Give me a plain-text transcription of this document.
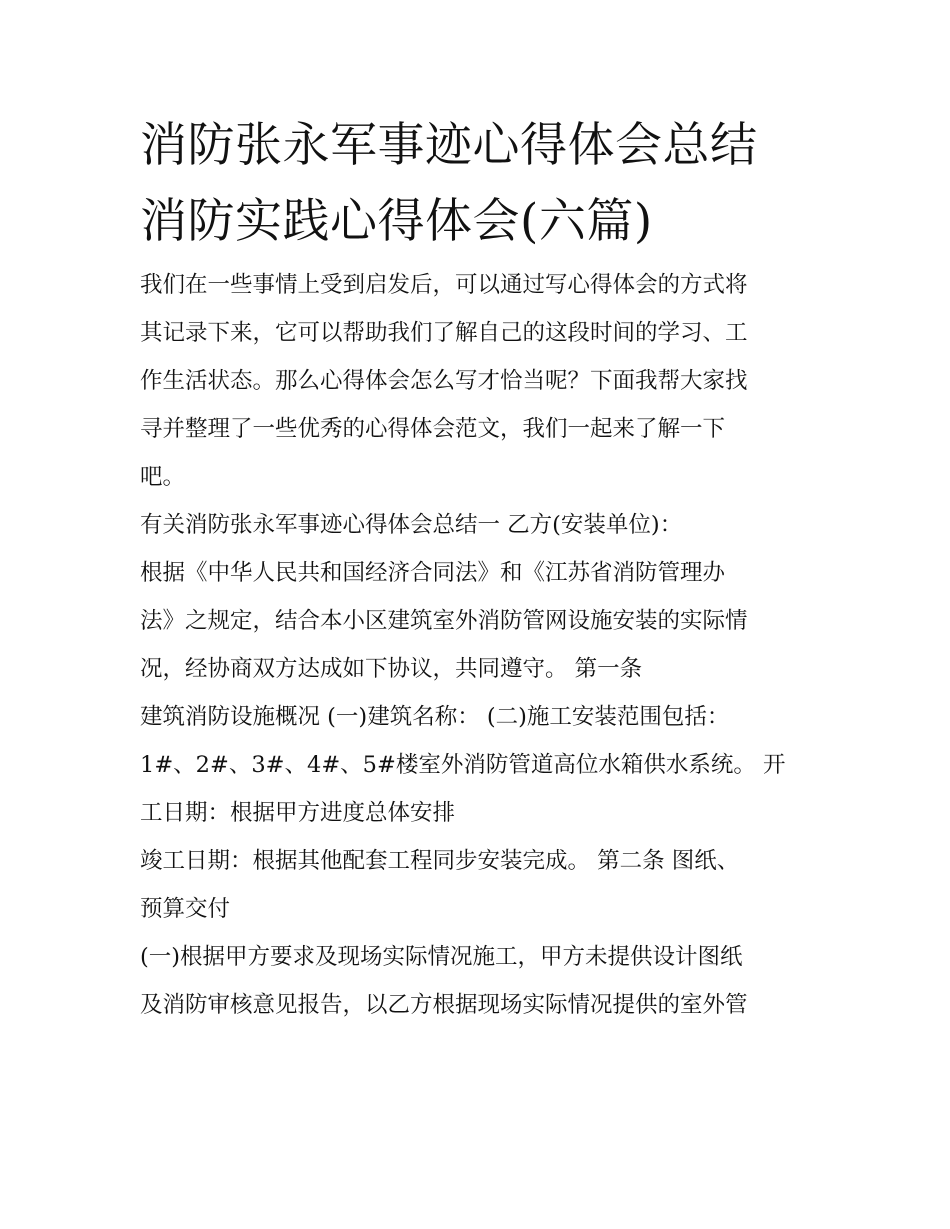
消防张永军事迹心得体会总结
消防实践心得体会(六篇)
我们在一些事情上受到启发后，可以通过写心得体会的方式将
其记录下来，它可以帮助我们了解自己的这段时间的学习、工
作生活状态。那么心得体会怎么写才恰当呢？下面我帮大家找
寻并整理了一些优秀的心得体会范文，我们一起来了解一下
吧。
有关消防张永军事迹心得体会总结一 乙方(安装单位)：
根据《中华人民共和国经济合同法》和《江苏省消防管理办
法》之规定，结合本小区建筑室外消防管网设施安装的实际情
况，经协商双方达成如下协议，共同遵守。 第一条
建筑消防设施概况 (一)建筑名称： (二)施工安装范围包括：
1#、2#、3#、4#、5#楼室外消防管道高位水箱供水系统。 开
工日期：根据甲方进度总体安排
竣工日期：根据其他配套工程同步安装完成。 第二条 图纸、
预算交付
(一)根据甲方要求及现场实际情况施工，甲方未提供设计图纸
及消防审核意见报告，以乙方根据现场实际情况提供的室外管
